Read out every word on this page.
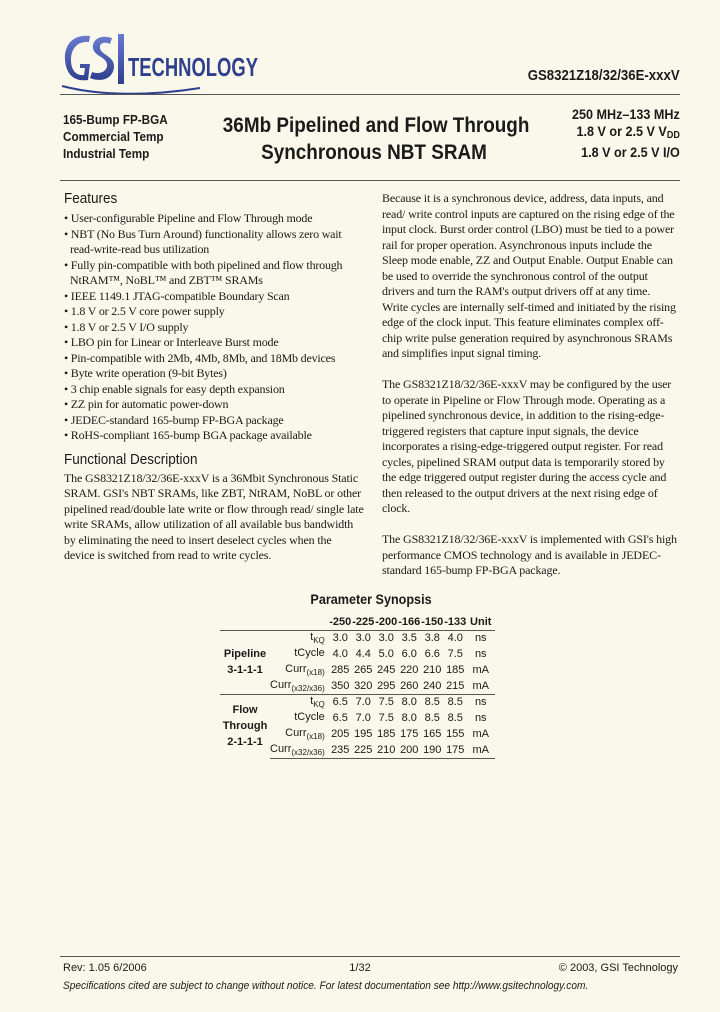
TECHNOLOGY	GS8321Z18/32/36E-xxxV
165-Bump FP-BGA
Commercial Temp
Industrial Temp
36Mb Pipelined and Flow Through
Synchronous NBT SRAM
250 MHz–133 MHz
1.8 V or 2.5 V $V_{DD}$
1.8 V or 2.5 V I/O
Features
• User-configurable Pipeline and Flow Through mode
• NBT (No Bus Turn Around) functionality allows zero wait read-write-read bus utilization
• Fully pin-compatible with both pipelined and flow through NtRAM™, NoBL™ and ZBT™ SRAMs
• IEEE 1149.1 JTAG-compatible Boundary Scan
• 1.8 V or 2.5 V core power supply
• 1.8 V or 2.5 V I/O supply
• LBO pin for Linear or Interleave Burst mode
• Pin-compatible with 2Mb, 4Mb, 8Mb, and 18Mb devices
• Byte write operation (9-bit Bytes)
• 3 chip enable signals for easy depth expansion
• ZZ pin for automatic power-down
• JEDEC-standard 165-bump FP-BGA package
• RoHS-compliant 165-bump BGA package available
Functional Description
The GS8321Z18/32/36E-xxxV is a 36Mbit Synchronous Static SRAM. GSI's NBT SRAMs, like ZBT, NtRAM, NoBL or other pipelined read/double late write or flow through read/ single late write SRAMs, allow utilization of all available bus bandwidth by eliminating the need to insert deselect cycles when the device is switched from read to write cycles.

Because it is a synchronous device, address, data inputs, and read/ write control inputs are captured on the rising edge of the input clock. Burst order control (LBO) must be tied to a power rail for proper operation. Asynchronous inputs include the Sleep mode enable, ZZ and Output Enable. Output Enable can be used to override the synchronous control of the output drivers and turn the RAM's output drivers off at any time. Write cycles are internally self-timed and initiated by the rising edge of the clock input. This feature eliminates complex off-chip write pulse generation required by asynchronous SRAMs and simplifies input signal timing.

The GS8321Z18/32/36E-xxxV may be configured by the user to operate in Pipeline or Flow Through mode. Operating as a pipelined synchronous device, in addition to the rising-edge-triggered registers that capture input signals, the device incorporates a rising-edge-triggered output register. For read cycles, pipelined SRAM output data is temporarily stored by the edge triggered output register during the access cycle and then released to the output drivers at the next rising edge of clock.

The GS8321Z18/32/36E-xxxV is implemented with GSI's high performance CMOS technology and is available in JEDEC-standard 165-bump FP-BGA package.

Parameter Synopsis
		-250	-225	-200	-166	-150	-133	Unit

Pipeline
3-1-1-1	$t_{KQ}$	3.0	3.0	3.0	3.5	3.8	4.0	ns
	tCycle	4.0	4.4	5.0	6.0	6.6	7.5	ns
	Curr$_{(x18)}$	285	265	245	220	210	185	mA
	Curr$_{(x32/x36)}$	350	320	295	260	240	215	mA

Flow
Through
2-1-1-1	$t_{KQ}$	6.5	7.0	7.5	8.0	8.5	8.5	ns
	tCycle	6.5	7.0	7.5	8.0	8.5	8.5	ns
	Curr$_{(x18)}$	205	195	185	175	165	155	mA
	Curr$_{(x32/x36)}$	235	225	210	200	190	175	mA
Rev: 1.05 6/2006	1/32	© 2003, GSI Technology
Specifications cited are subject to change without notice. For latest documentation see http://www.gsitechnology.com.
